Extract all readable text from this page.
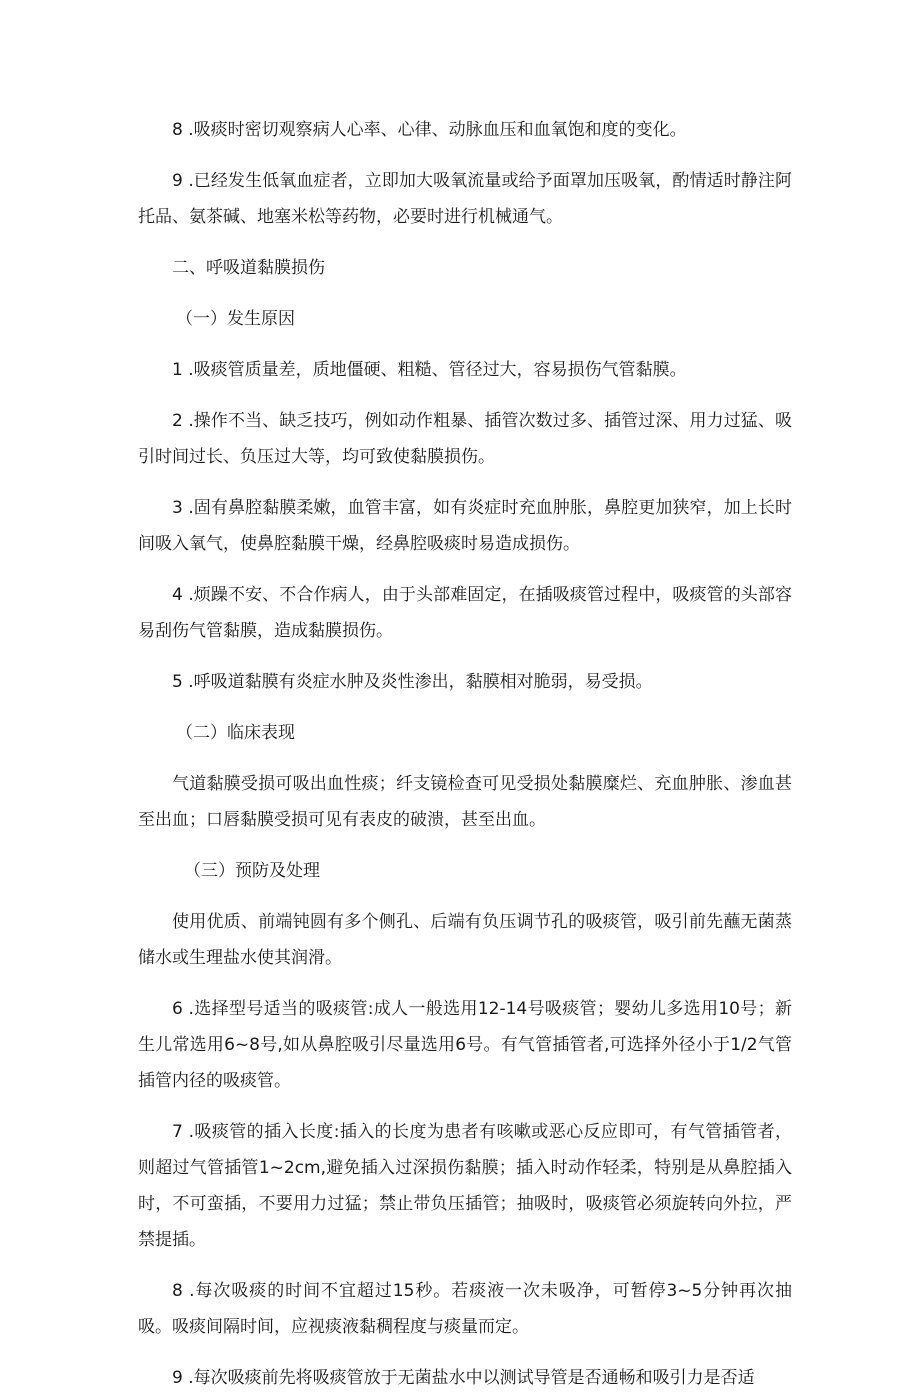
8 .吸痰时密切观察病人心率、心律、动脉血压和血氧饱和度的变化。

9 .已经发生低氧血症者，立即加大吸氧流量或给予面罩加压吸氧，酌情适时静注阿托品、氨茶碱、地塞米松等药物，必要时进行机械通气。

二、呼吸道黏膜损伤

（一）发生原因

1 .吸痰管质量差，质地僵硬、粗糙、管径过大，容易损伤气管黏膜。

2 .操作不当、缺乏技巧，例如动作粗暴、插管次数过多、插管过深、用力过猛、吸引时间过长、负压过大等，均可致使黏膜损伤。

3 .固有鼻腔黏膜柔嫩，血管丰富，如有炎症时充血肿胀，鼻腔更加狭窄，加上长时间吸入氧气，使鼻腔黏膜干燥，经鼻腔吸痰时易造成损伤。

4 .烦躁不安、不合作病人，由于头部难固定，在插吸痰管过程中，吸痰管的头部容易刮伤气管黏膜，造成黏膜损伤。

5 .呼吸道黏膜有炎症水肿及炎性渗出，黏膜相对脆弱，易受损。

（二）临床表现

气道黏膜受损可吸出血性痰；纤支镜检查可见受损处黏膜糜烂、充血肿胀、渗血甚至出血；口唇黏膜受损可见有表皮的破溃，甚至出血。

（三）预防及处理

使用优质、前端钝圆有多个侧孔、后端有负压调节孔的吸痰管，吸引前先蘸无菌蒸储水或生理盐水使其润滑。

6 .选择型号适当的吸痰管:成人一般选用12-14号吸痰管；婴幼儿多选用10号；新生儿常选用6~8号,如从鼻腔吸引尽量选用6号。有气管插管者,可选择外径小于1/2气管插管内径的吸痰管。

7 .吸痰管的插入长度:插入的长度为患者有咳嗽或恶心反应即可，有气管插管者，则超过气管插管1~2cm,避免插入过深损伤黏膜；插入时动作轻柔，特别是从鼻腔插入时，不可蛮插，不要用力过猛；禁止带负压插管；抽吸时，吸痰管必须旋转向外拉，严禁提插。

8 .每次吸痰的时间不宜超过15秒。若痰液一次未吸净，可暂停3~5分钟再次抽吸。吸痰间隔时间，应视痰液黏稠程度与痰量而定。

9 .每次吸痰前先将吸痰管放于无菌盐水中以测试导管是否通畅和吸引力是否适
